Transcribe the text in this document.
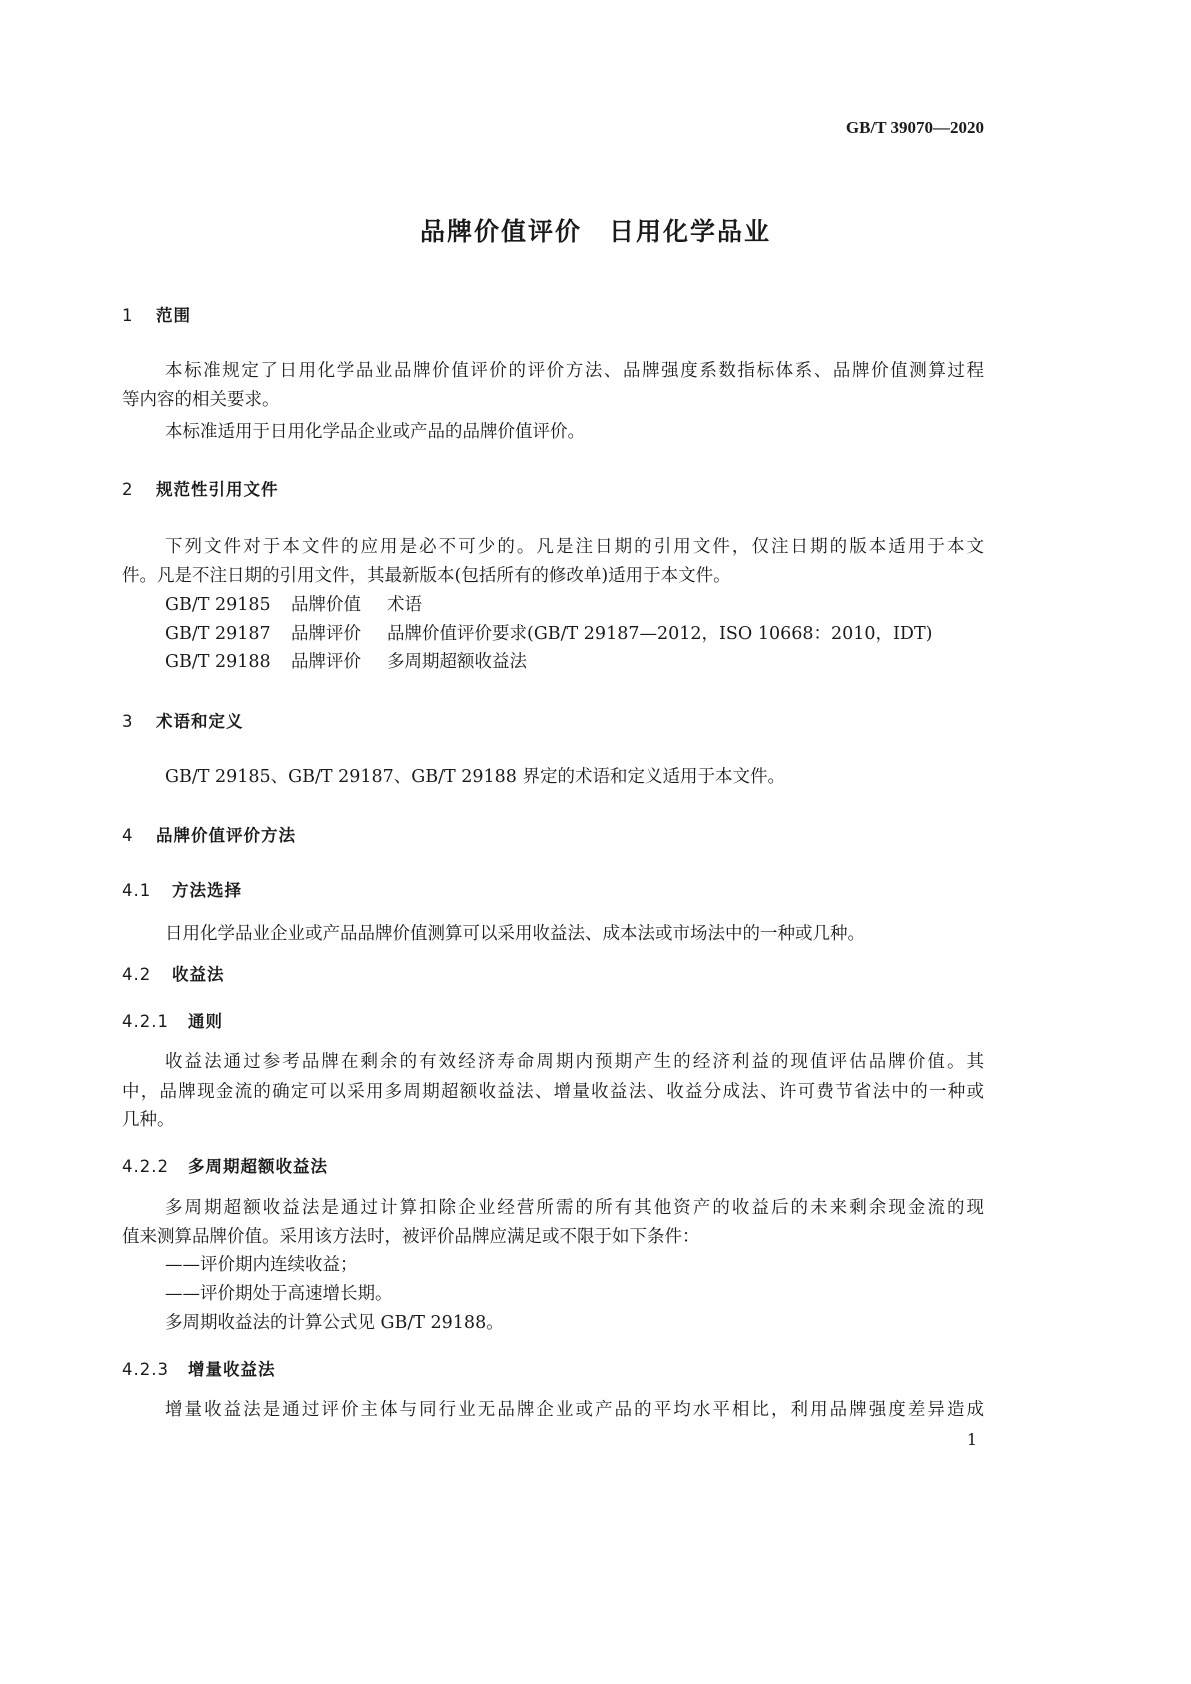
GB/T 39070—2020
品牌价值评价　日用化学品业
1 范围
本标准规定了日用化学品业品牌价值评价的评价方法、品牌强度系数指标体系、品牌价值测算过程
等内容的相关要求。
本标准适用于日用化学品企业或产品的品牌价值评价。
2 规范性引用文件
下列文件对于本文件的应用是必不可少的。凡是注日期的引用文件，仅注日期的版本适用于本文
件。凡是不注日期的引用文件，其最新版本(包括所有的修改单)适用于本文件。
GB/T 29185 品牌价值 术语
GB/T 29187 品牌评价 品牌价值评价要求(GB/T 29187—2012，ISO 10668：2010，IDT)
GB/T 29188 品牌评价 多周期超额收益法
3 术语和定义
GB/T 29185、GB/T 29187、GB/T 29188 界定的术语和定义适用于本文件。
4 品牌价值评价方法
4.1 方法选择
日用化学品业企业或产品品牌价值测算可以采用收益法、成本法或市场法中的一种或几种。
4.2 收益法
4.2.1 通则
收益法通过参考品牌在剩余的有效经济寿命周期内预期产生的经济利益的现值评估品牌价值。其
中，品牌现金流的确定可以采用多周期超额收益法、增量收益法、收益分成法、许可费节省法中的一种或
几种。
4.2.2 多周期超额收益法
多周期超额收益法是通过计算扣除企业经营所需的所有其他资产的收益后的未来剩余现金流的现
值来测算品牌价值。采用该方法时，被评价品牌应满足或不限于如下条件：
——评价期内连续收益；
——评价期处于高速增长期。
多周期收益法的计算公式见 GB/T 29188。
4.2.3 增量收益法
增量收益法是通过评价主体与同行业无品牌企业或产品的平均水平相比，利用品牌强度差异造成
1
